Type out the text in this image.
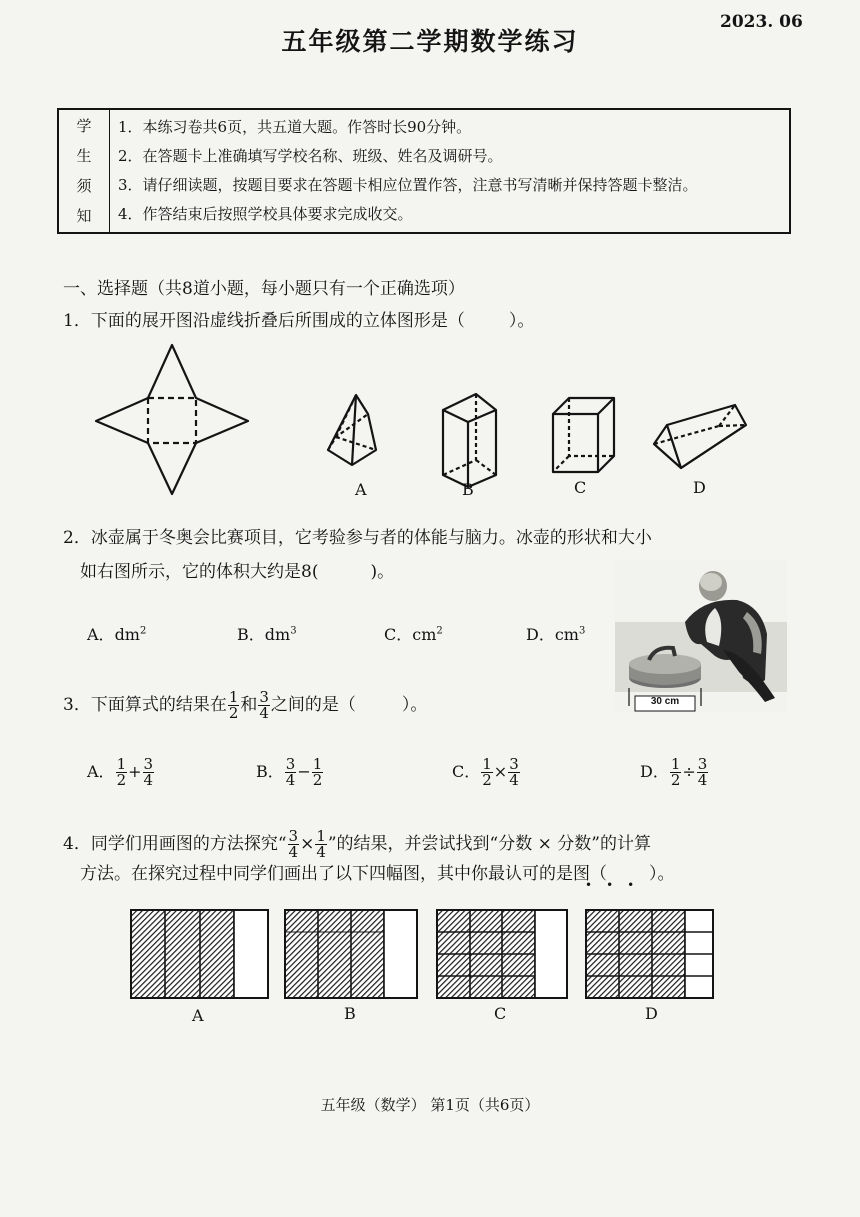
2023. 06
五年级第二学期数学练习
学
生
须
知

1．本练习卷共6页，共五道大题。作答时长90分钟。
2．在答题卡上准确填写学校名称、班级、姓名及调研号。
3．请仔细读题，按题目要求在答题卡相应位置作答，注意书写清晰并保持答题卡整洁。
4．作答结束后按照学校具体要求完成收交。
一、选择题（共8道小题，每小题只有一个正确选项）
1．下面的展开图沿虚线折叠后所围成的立体图形是（	）。
A	B	C	D
2．冰壶属于冬奥会比赛项目，它考验参与者的体能与脑力。冰壶的形状和大小
如右图所示，它的体积大约是8(	)。
A．$dm^2$	B．$dm^3$	C．$cm^2$	D．$cm^3$
30 cm
3．下面算式的结果在 $\frac{1}{2}$ 和 $\frac{3}{4}$ 之间的是（	）。
A． $\frac{1}{2} + \frac{3}{4}$	B． $\frac{3}{4} - \frac{1}{2}$	C． $\frac{1}{2} \times \frac{3}{4}$	D． $\frac{1}{2} \div \frac{3}{4}$
4．同学们用画图的方法探究“ $\frac{3}{4} \times \frac{1}{4}$ ”的结果，并尝试找到“分数 × 分数”的计算
方法。在探究过程中同学们画出了以下四幅图，其中你最认可的是图（ ）。
•••
A	B	C	D
五年级（数学） 第1页（共6页）
